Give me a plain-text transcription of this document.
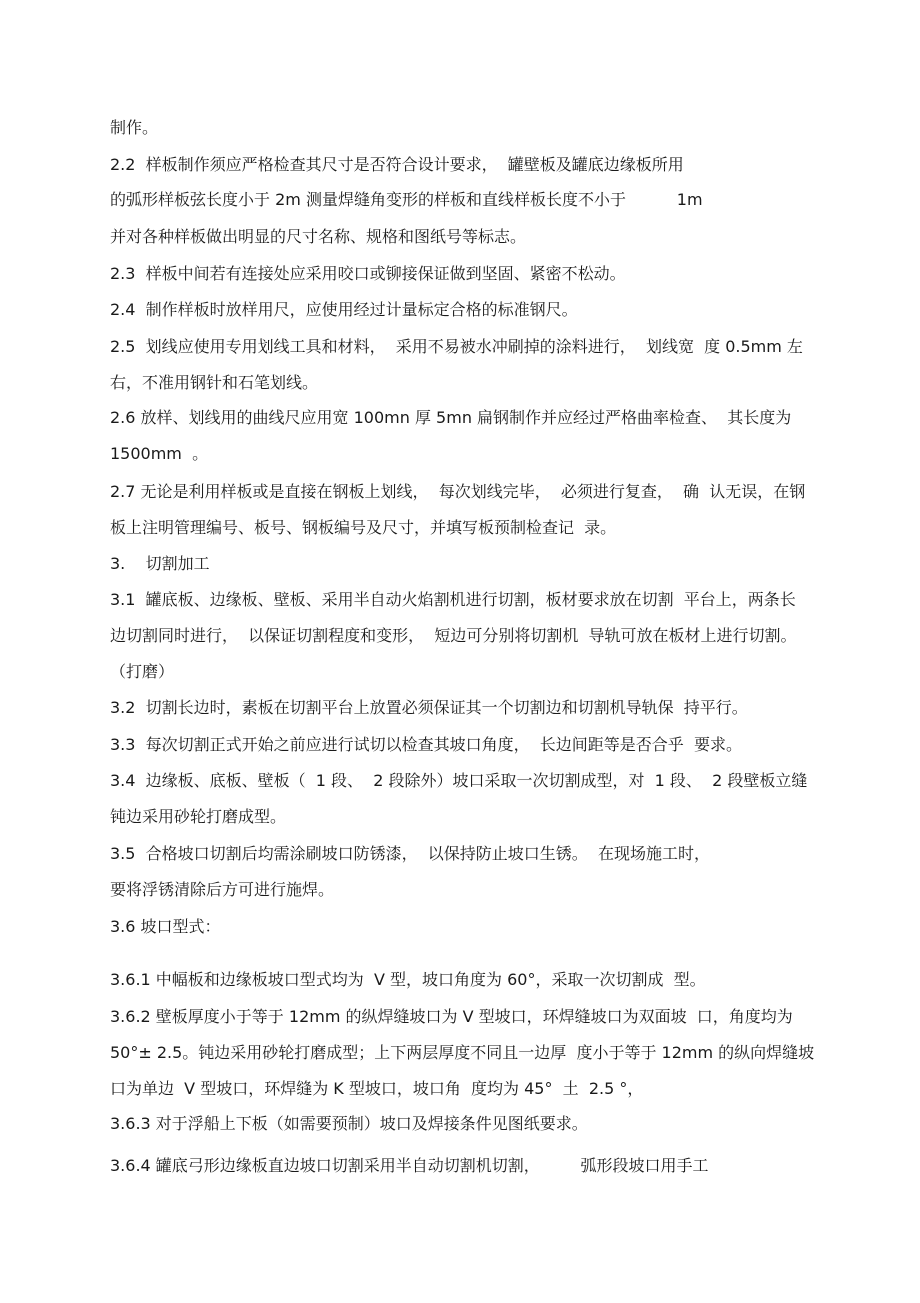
制作。
2.2  样板制作须应严格检查其尺寸是否符合设计要求，  罐壁板及罐底边缘板所用
的弧形样板弦长度小于 2m 测量焊缝角变形的样板和直线样板长度不小于          1m
并对各种样板做出明显的尺寸名称、规格和图纸号等标志。
2.3  样板中间若有连接处应采用咬口或铆接保证做到坚固、紧密不松动。
2.4  制作样板时放样用尺，应使用经过计量标定合格的标准钢尺。
2.5  划线应使用专用划线工具和材料，  采用不易被水冲刷掉的涂料进行，  划线宽  度 0.5mm 左
右，不准用钢针和石笔划线。
2.6 放样、划线用的曲线尺应用宽 100mn 厚 5mn 扁钢制作并应经过严格曲率检查、  其长度为
1500mm  。
2.7 无论是利用样板或是直接在钢板上划线，  每次划线完毕，  必须进行复查，  确  认无误，在钢
板上注明管理编号、板号、钢板编号及尺寸，并填写板预制检查记  录。
3.    切割加工
3.1  罐底板、边缘板、壁板、采用半自动火焰割机进行切割，板材要求放在切割  平台上，两条长
边切割同时进行，  以保证切割程度和变形，  短边可分别将切割机  导轨可放在板材上进行切割。
（打磨）
3.2  切割长边时，素板在切割平台上放置必须保证其一个切割边和切割机导轨保  持平行。
3.3  每次切割正式开始之前应进行试切以检查其坡口角度，  长边间距等是否合乎  要求。
3.4  边缘板、底板、壁板（  1 段、  2 段除外）坡口采取一次切割成型，对  1 段、  2 段壁板立缝
钝边采用砂轮打磨成型。
3.5  合格坡口切割后均需涂刷坡口防锈漆，  以保持防止坡口生锈。  在现场施工时，
要将浮锈清除后方可进行施焊。
3.6 坡口型式：
3.6.1 中幅板和边缘板坡口型式均为  V 型，坡口角度为 60°，采取一次切割成  型。
3.6.2 壁板厚度小于等于 12mm 的纵焊缝坡口为 V 型坡口，环焊缝坡口为双面坡  口，角度均为
50°± 2.5。钝边采用砂轮打磨成型；上下两层厚度不同且一边厚  度小于等于 12mm 的纵向焊缝坡
口为单边  V 型坡口，环焊缝为 K 型坡口，坡口角  度均为 45°  土  2.5 °，
3.6.3 对于浮船上下板（如需要预制）坡口及焊接条件见图纸要求。
3.6.4 罐底弓形边缘板直边坡口切割采用半自动切割机切割，        弧形段坡口用手工
